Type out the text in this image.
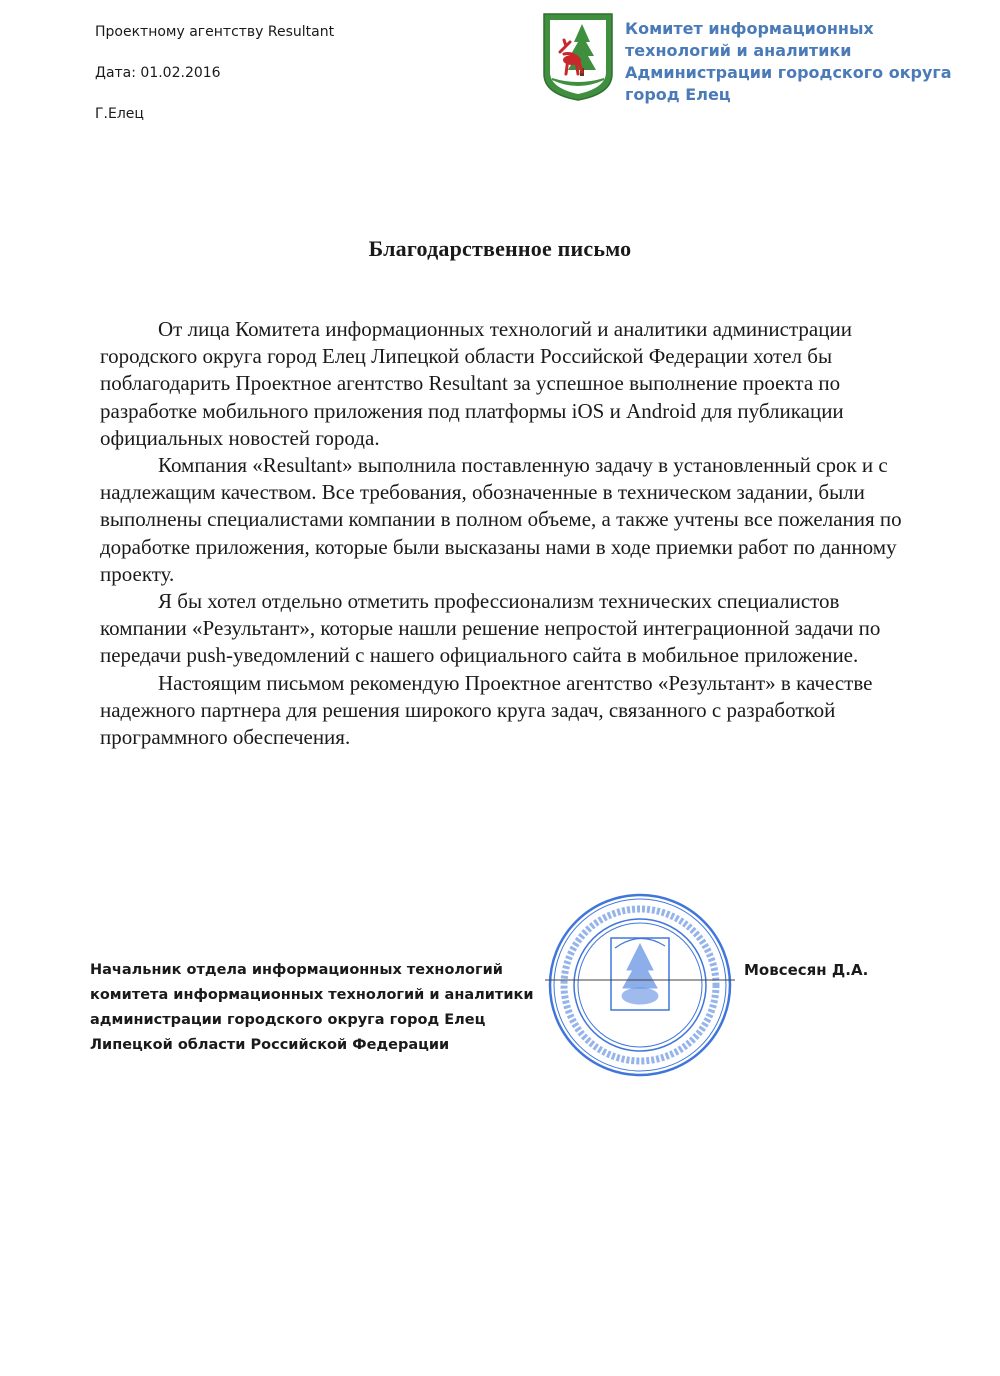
Проектному агентству Resultant
Дата: 01.02.2016
Г.Елец
Комитет информационных
технологий и аналитики
Администрации городского округа
город Елец
Благодарственное письмо

От лица Комитета информационных технологий и аналитики администрации городского округа город Елец Липецкой области Российской Федерации хотел бы поблагодарить Проектное агентство Resultant за успешное выполнение проекта по разработке мобильного приложения под платформы iOS и Android для публикации официальных новостей города.

Компания «Resultant» выполнила поставленную задачу в установленный срок и с надлежащим качеством. Все требования, обозначенные в техническом задании, были выполнены специалистами компании в полном объеме, а также учтены все пожелания по доработке приложения, которые были высказаны нами в ходе приемки работ по данному проекту.

Я бы хотел отдельно отметить профессионализм технических специалистов компании «Результант», которые нашли решение непростой интеграционной задачи по передачи push-уведомлений с нашего официального сайта в мобильное приложение.

Настоящим письмом рекомендую Проектное агентство «Результант» в качестве надежного партнера для решения широкого круга задач, связанного с разработкой программного обеспечения.

Начальник отдела информационных технологий
комитета информационных технологий и аналитики
администрации городского округа город Елец
Липецкой области Российской Федерации
Мовсесян Д.А.
